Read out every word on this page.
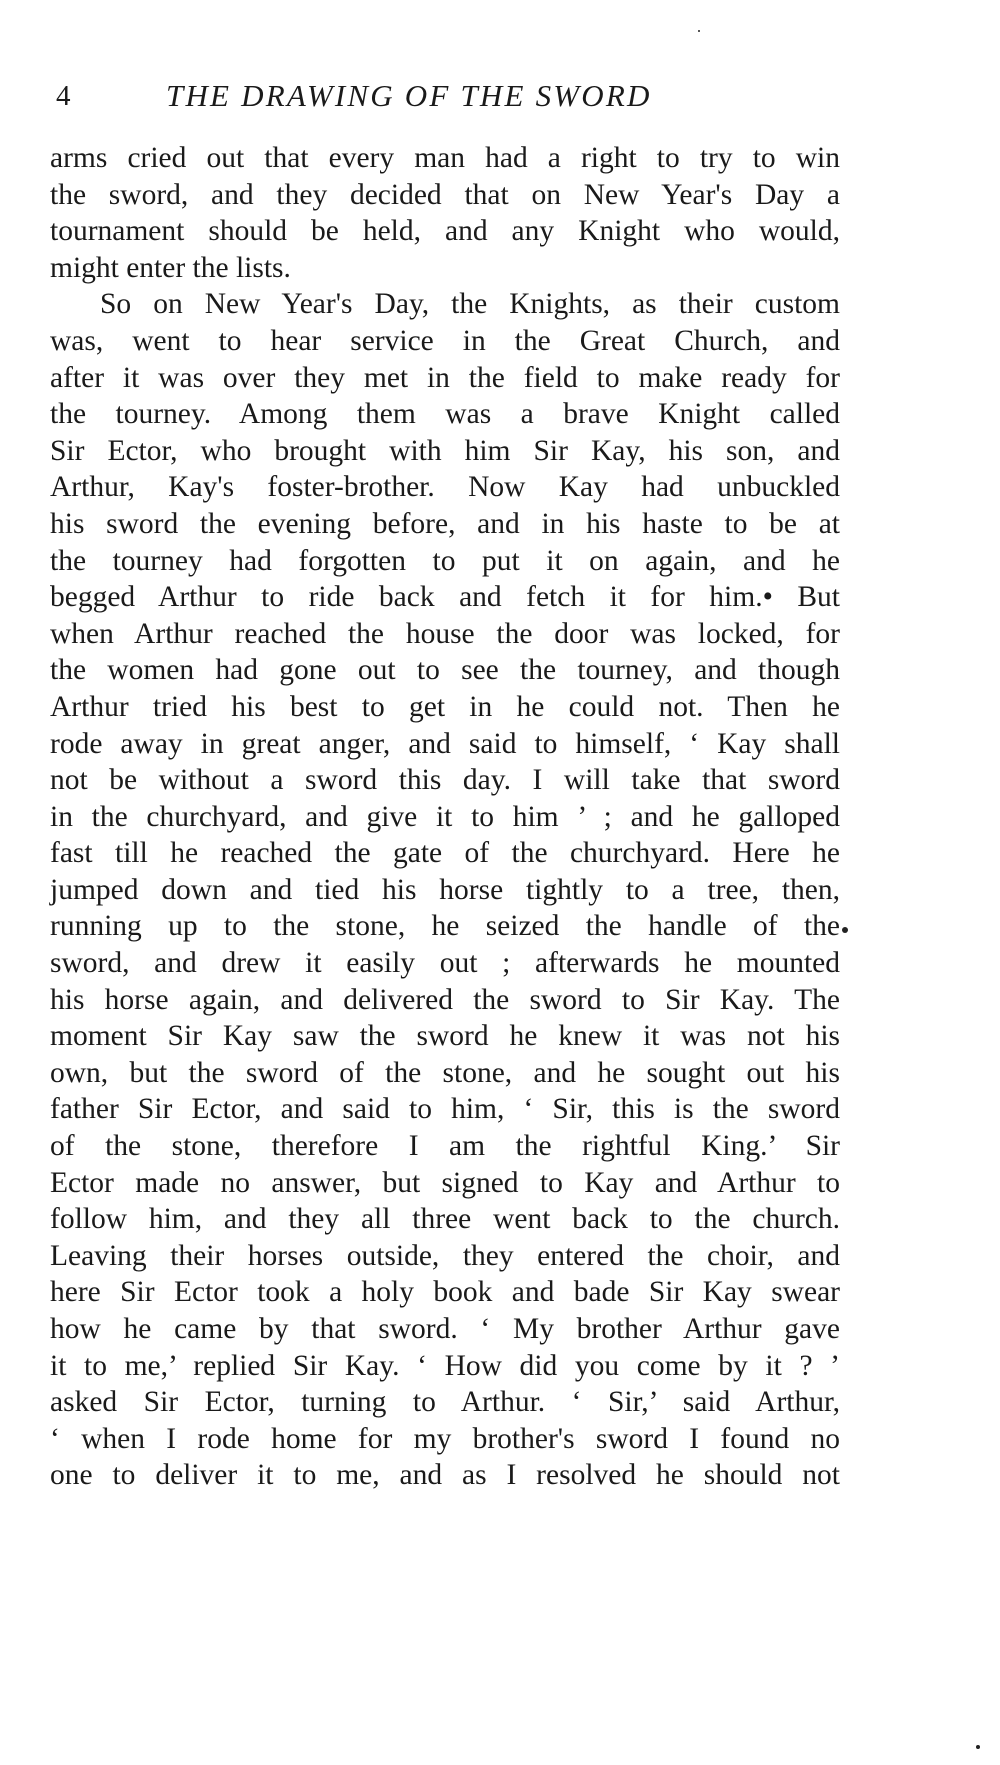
4	THE DRAWING OF THE SWORD
arms cried out that every man had a right to try to win
the sword, and they decided that on New Year's Day a
tournament should be held, and any Knight who would,
might enter the lists.
So on New Year's Day, the Knights, as their custom
was, went to hear service in the Great Church, and
after it was over they met in the field to make ready for
the tourney. Among them was a brave Knight called
Sir Ector, who brought with him Sir Kay, his son, and
Arthur, Kay's foster-brother. Now Kay had unbuckled
his sword the evening before, and in his haste to be at
the tourney had forgotten to put it on again, and he
begged Arthur to ride back and fetch it for him.• But
when Arthur reached the house the door was locked, for
the women had gone out to see the tourney, and though
Arthur tried his best to get in he could not. Then he
rode away in great anger, and said to himself, ‘ Kay shall
not be without a sword this day. I will take that sword
in the churchyard, and give it to him ’ ; and he galloped
fast till he reached the gate of the churchyard. Here he
jumped down and tied his horse tightly to a tree, then,
running up to the stone, he seized the handle of the
sword, and drew it easily out ; afterwards he mounted
his horse again, and delivered the sword to Sir Kay. The
moment Sir Kay saw the sword he knew it was not his
own, but the sword of the stone, and he sought out his
father Sir Ector, and said to him, ‘ Sir, this is the sword
of the stone, therefore I am the rightful King.’ Sir
Ector made no answer, but signed to Kay and Arthur to
follow him, and they all three went back to the church.
Leaving their horses outside, they entered the choir, and
here Sir Ector took a holy book and bade Sir Kay swear
how he came by that sword. ‘ My brother Arthur gave
it to me,’ replied Sir Kay. ‘ How did you come by it ? ’
asked Sir Ector, turning to Arthur. ‘ Sir,’ said Arthur,
‘ when I rode home for my brother's sword I found no
one to deliver it to me, and as I resolved he should not
